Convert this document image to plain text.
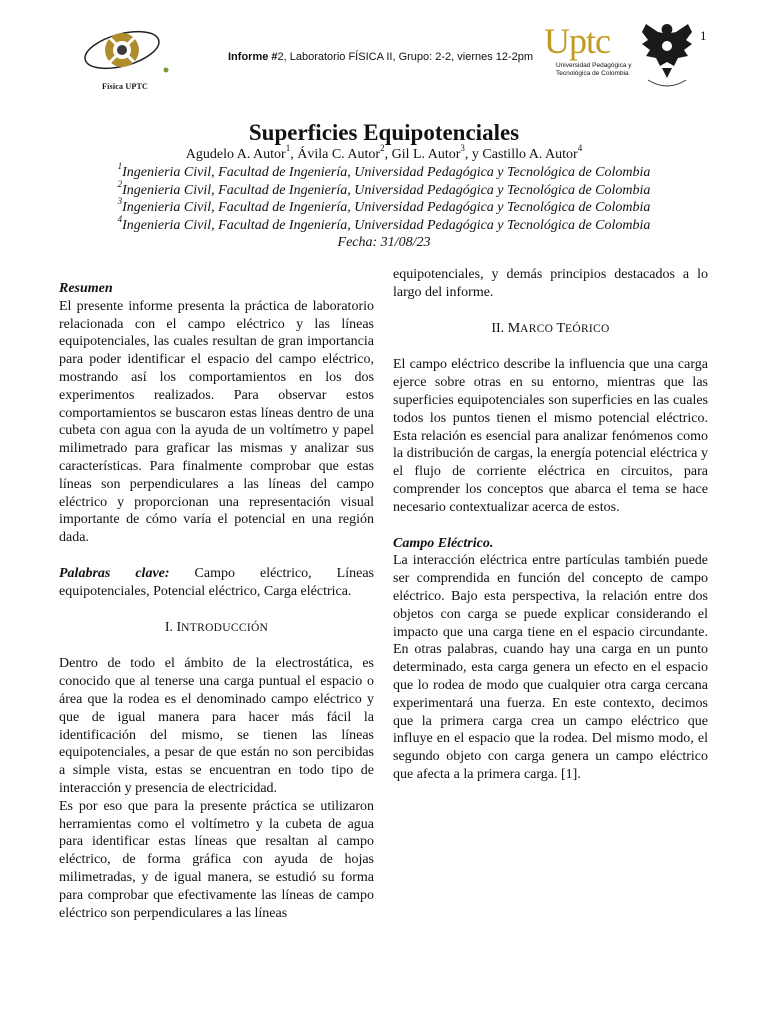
1
Física UPTC
Informe #2, Laboratorio FÍSICA II, Grupo: 2-2, viernes 12-2pm Uptc
Universidad Pedagógica y
Tecnológica de Colombia
Superficies Equipotenciales
Agudelo A. Autor$^1$, Ávila C. Autor$^2$, Gil L. Autor$^3$, y Castillo A. Autor$^4$
$^1$Ingenieria Civil, Facultad de Ingeniería, Universidad Pedagógica y Tecnológica de Colombia
$^2$Ingenieria Civil, Facultad de Ingeniería, Universidad Pedagógica y Tecnológica de Colombia
$^3$Ingenieria Civil, Facultad de Ingeniería, Universidad Pedagógica y Tecnológica de Colombia
$^4$Ingenieria Civil, Facultad de Ingeniería, Universidad Pedagógica y Tecnológica de Colombia
Fecha: 31/08/23

Resumen

El presente informe presenta la práctica de laboratorio relacionada con el campo eléctrico y las líneas equipotenciales, las cuales resultan de gran importancia para poder identificar el espacio del campo eléctrico, mostrando así los comportamientos en los dos experimentos realizados. Para observar estos comportamientos se buscaron estas líneas dentro de una cubeta con agua con la ayuda de un voltímetro y papel milimetrado para graficar las mismas y analizar sus características. Para finalmente comprobar que estas líneas son perpendiculares a las líneas del campo eléctrico y proporcionan una representación visual importante de cómo varía el potencial en una región dada.

Palabras clave: Campo eléctrico, Líneas equipotenciales, Potencial eléctrico, Carga eléctrica.

I. INTRODUCCIÓN

Dentro de todo el ámbito de la electrostática, es conocido que al tenerse una carga puntual el espacio o área que la rodea es el denominado campo eléctrico y que de igual manera para hacer más fácil la identificación del mismo, se tienen las líneas equipotenciales, a pesar de que están no son percibidas a simple vista, estas se encuentran en todo tipo de interacción y presencia de electricidad.

Es por eso que para la presente práctica se utilizaron herramientas como el voltímetro y la cubeta de agua para identificar estas líneas que resaltan al campo eléctrico, de forma gráfica con ayuda de hojas milimetradas, y de igual manera, se estudió su forma para comprobar que efectivamente las líneas de campo eléctrico son perpendiculares a las líneas

equipotenciales, y demás principios destacados a lo largo del informe.

II. MARCO TEÓRICO

El campo eléctrico describe la influencia que una carga ejerce sobre otras en su entorno, mientras que las superficies equipotenciales son superficies en las cuales todos los puntos tienen el mismo potencial eléctrico. Esta relación es esencial para analizar fenómenos como la distribución de cargas, la energía potencial eléctrica y el flujo de corriente eléctrica en circuitos, para comprender los conceptos que abarca el tema se hace necesario contextualizar acerca de estos.

Campo Eléctrico.

La interacción eléctrica entre partículas también puede ser comprendida en función del concepto de campo eléctrico. Bajo esta perspectiva, la relación entre dos objetos con carga se puede explicar considerando el impacto que una carga tiene en el espacio circundante. En otras palabras, cuando hay una carga en un punto determinado, esta carga genera un efecto en el espacio que lo rodea de modo que cualquier otra carga cercana experimentará una fuerza. En este contexto, decimos que la primera carga crea un campo eléctrico que influye en el espacio que la rodea. Del mismo modo, el segundo objeto con carga genera un campo eléctrico que afecta a la primera carga. [1].
